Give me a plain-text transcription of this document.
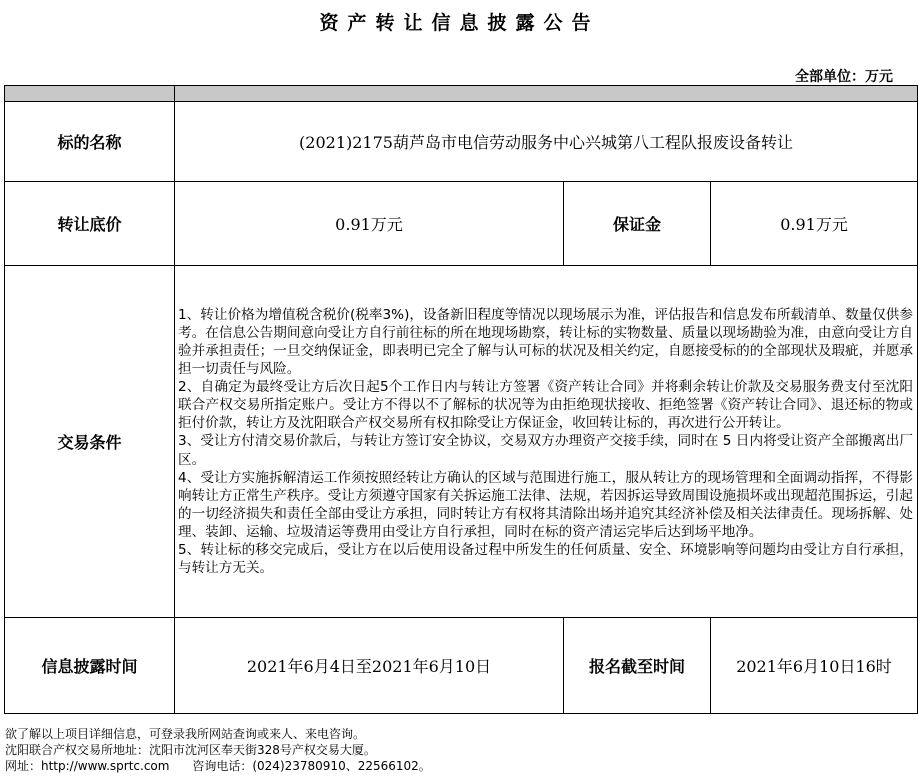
资产转让信息披露公告
全部单位：万元

标的名称	(2021)2175葫芦岛市电信劳动服务中心兴城第八工程队报废设备转让		
转让底价	0.91万元	保证金	0.91万元
交易条件	1、转让价格为增值税含税价(税率3%)，设备新旧程度等情况以现场展示为准，评估报告和信息发布所载清单、数量仅供参考。在信息公告期间意向受让方自行前往标的所在地现场勘察，转让标的实物数量、质量以现场勘验为准，由意向受让方自验并承担责任；一旦交纳保证金，即表明已完全了解与认可标的状况及相关约定，自愿接受标的的全部现状及瑕疵，并愿承担一切责任与风险。

2、自确定为最终受让方后次日起5个工作日内与转让方签署《资产转让合同》并将剩余转让价款及交易服务费支付至沈阳联合产权交易所指定账户。受让方不得以不了解标的状况等为由拒绝现状接收、拒绝签署《资产转让合同》、退还标的物或拒付价款，转让方及沈阳联合产权交易所有权扣除受让方保证金，收回转让标的，再次进行公开转让。

3、受让方付清交易价款后，与转让方签订安全协议，交易双方办理资产交接手续，同时在 5 日内将受让资产全部搬离出厂区。

4、受让方实施拆解清运工作须按照经转让方确认的区域与范围进行施工，服从转让方的现场管理和全面调动指挥，不得影响转让方正常生产秩序。受让方须遵守国家有关拆运施工法律、法规，若因拆运导致周围设施损坏或出现超范围拆运，引起的一切经济损失和责任全部由受让方承担，同时转让方有权将其清除出场并追究其经济补偿及相关法律责任。现场拆解、处理、装卸、运输、垃圾清运等费用由受让方自行承担，同时在标的资产清运完毕后达到场平地净。

5、转让标的移交完成后，受让方在以后使用设备过程中所发生的任何质量、安全、环境影响等问题均由受让方自行承担，与转让方无关。		

信息披露时间	2021年6月4日至2021年6月10日	报名截至时间	2021年6月10日16时
欲了解以上项目详细信息，可登录我所网站查询或来人、来电咨询。
沈阳联合产权交易所地址：沈阳市沈河区奉天街328号产权交易大厦。
网址：http://www.sprtc.com      咨询电话：(024)23780910、22566102。
